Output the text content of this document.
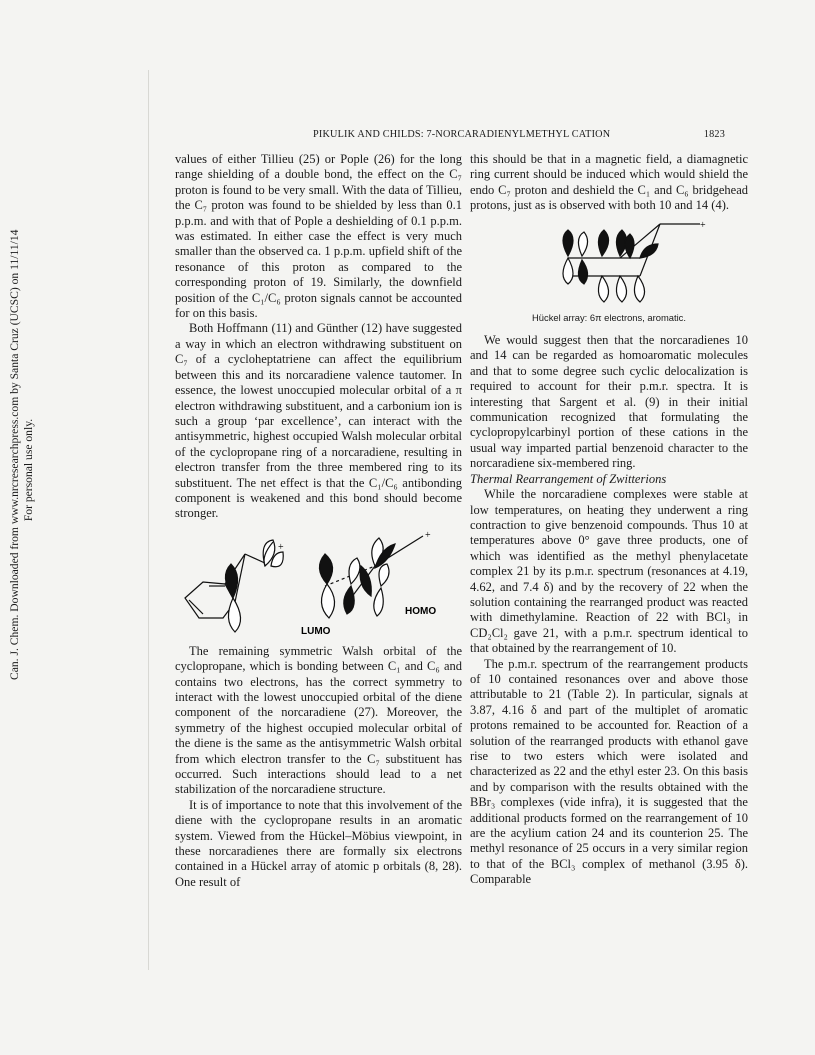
Can. J. Chem. Downloaded from www.nrcresearchpress.com by Santa Cruz (UCSC) on 11/11/14 For personal use only.
PIKULIK AND CHILDS: 7-NORCARADIENYLMETHYL CATION	1823

values of either Tillieu (25) or Pople (26) for the long range shielding of a double bond, the effect on the C₇ proton is found to be very small. With the data of Tillieu, the C₇ proton was found to be shielded by less than 0.1 p.p.m. and with that of Pople a deshielding of 0.1 p.p.m. was estimated. In either case the effect is very much smaller than the observed ca. 1 p.p.m. upfield shift of the resonance of this proton as compared to the corresponding proton of 19. Similarly, the downfield position of the C₁/C₆ proton signals cannot be accounted for on this basis.

Both Hoffmann (11) and Günther (12) have suggested a way in which an electron withdrawing substituent on C₇ of a cycloheptatriene can affect the equilibrium between this and its norcaradiene valence tautomer. In essence, the lowest unoccupied molecular orbital of a π electron withdrawing substituent, and a carbonium ion is such a group ‘par excellence’, can interact with the antisymmetric, highest occupied Walsh molecular orbital of the cyclopropane ring of a norcaradiene, resulting in electron transfer from the three membered ring to its substituent. The net effect is that the C₁/C₆ antibonding component is weakened and this bond should become stronger.

+
+
LUMO
HOMO

The remaining symmetric Walsh orbital of the cyclopropane, which is bonding between C₁ and C₆ and contains two electrons, has the correct symmetry to interact with the lowest unoccupied orbital of the diene component of the norcaradiene (27). Moreover, the symmetry of the highest occupied molecular orbital of the diene is the same as the antisymmetric Walsh orbital from which electron transfer to the C₇ substituent has occurred. Such interactions should lead to a net stabilization of the norcaradiene structure.

It is of importance to note that this involvement of the diene with the cyclopropane results in an aromatic system. Viewed from the Hückel–Möbius viewpoint, in these norcaradienes there are formally six electrons contained in a Hückel array of atomic p orbitals (8, 28). One result of

this should be that in a magnetic field, a diamagnetic ring current should be induced which would shield the endo C₇ proton and deshield the C₁ and C₆ bridgehead protons, just as is observed with both 10 and 14 (4).

+
Hückel array: 6π electrons, aromatic.

We would suggest then that the norcaradienes 10 and 14 can be regarded as homoaromatic molecules and that to some degree such cyclic delocalization is required to account for their p.m.r. spectra. It is interesting that Sargent et al. (9) in their initial communication recognized that formulating the cyclopropylcarbinyl portion of these cations in the usual way imparted partial benzenoid character to the norcaradiene six-membered ring.

Thermal Rearrangement of Zwitterions

While the norcaradiene complexes were stable at low temperatures, on heating they underwent a ring contraction to give benzenoid compounds. Thus 10 at temperatures above 0° gave three products, one of which was identified as the methyl phenylacetate complex 21 by its p.m.r. spectrum (resonances at 4.19, 4.62, and 7.4 δ) and by the recovery of 22 when the solution containing the rearranged product was reacted with dimethylamine. Reaction of 22 with BCl₃ in CD₂Cl₂ gave 21, with a p.m.r. spectrum identical to that obtained by the rearrangement of 10.

The p.m.r. spectrum of the rearrangement products of 10 contained resonances over and above those attributable to 21 (Table 2). In particular, signals at 3.87, 4.16 δ and part of the multiplet of aromatic protons remained to be accounted for. Reaction of a solution of the rearranged products with ethanol gave rise to two esters which were isolated and characterized as 22 and the ethyl ester 23. On this basis and by comparison with the results obtained with the BBr₃ complexes (vide infra), it is suggested that the additional products formed on the rearrangement of 10 are the acylium cation 24 and its counterion 25. The methyl resonance of 25 occurs in a very similar region to that of the BCl₃ complex of methanol (3.95 δ). Comparable
